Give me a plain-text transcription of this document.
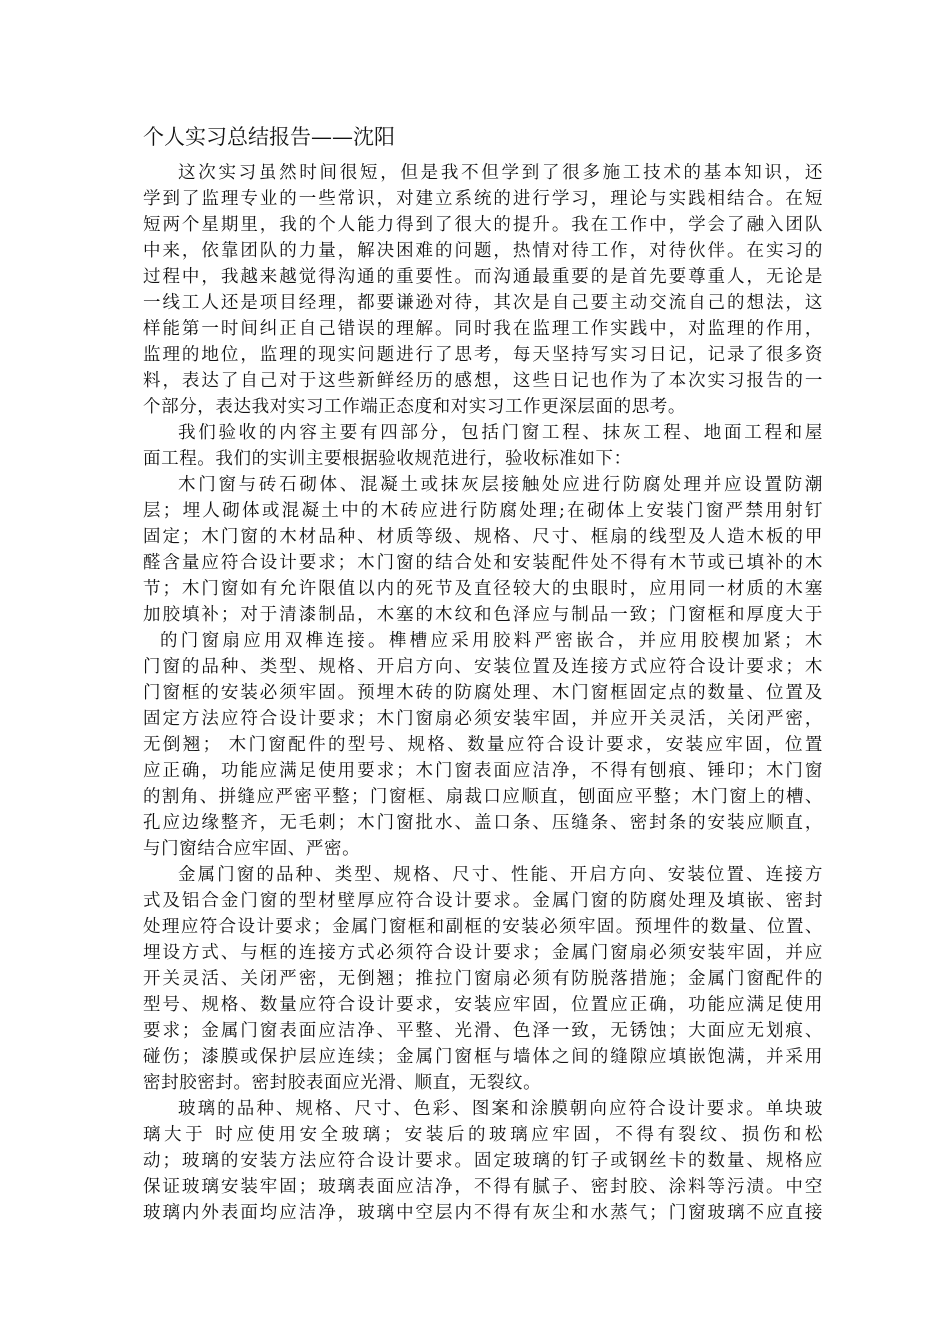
个人实习总结报告——沈阳
这次实习虽然时间很短，但是我不但学到了很多施工技术的基本知识，还
学到了监理专业的一些常识，对建立系统的进行学习，理论与实践相结合。在短
短两个星期里，我的个人能力得到了很大的提升。我在工作中，学会了融入团队
中来，依靠团队的力量，解决困难的问题，热情对待工作，对待伙伴。在实习的
过程中，我越来越觉得沟通的重要性。而沟通最重要的是首先要尊重人，无论是
一线工人还是项目经理，都要谦逊对待，其次是自己要主动交流自己的想法，这
样能第一时间纠正自己错误的理解。同时我在监理工作实践中，对监理的作用，
监理的地位，监理的现实问题进行了思考，每天坚持写实习日记，记录了很多资
料，表达了自己对于这些新鲜经历的感想，这些日记也作为了本次实习报告的一
个部分，表达我对实习工作端正态度和对实习工作更深层面的思考。
我们验收的内容主要有四部分，包括门窗工程、抹灰工程、地面工程和屋
面工程。我们的实训主要根据验收规范进行，验收标准如下：
木门窗与砖石砌体、混凝土或抹灰层接触处应进行防腐处理并应设置防潮
层；埋人砌体或混凝土中的木砖应进行防腐处理;在砌体上安装门窗严禁用射钉
固定；木门窗的木材品种、材质等级、规格、尺寸、框扇的线型及人造木板的甲
醛含量应符合设计要求；木门窗的结合处和安装配件处不得有木节或已填补的木
节；木门窗如有允许限值以内的死节及直径较大的虫眼时，应用同一材质的木塞
加胶填补；对于清漆制品，木塞的木纹和色泽应与制品一致；门窗框和厚度大于
的门窗扇应用双榫连接。榫槽应采用胶料严密嵌合，并应用胶楔加紧；木
门窗的品种、类型、规格、开启方向、安装位置及连接方式应符合设计要求；木
门窗框的安装必须牢固。预埋木砖的防腐处理、木门窗框固定点的数量、位置及
固定方法应符合设计要求；木门窗扇必须安装牢固，并应开关灵活，关闭严密，
无倒翘； 木门窗配件的型号、规格、数量应符合设计要求，安装应牢固，位置
应正确，功能应满足使用要求；木门窗表面应洁净，不得有刨痕、锤印；木门窗
的割角、拼缝应严密平整；门窗框、扇裁口应顺直，刨面应平整；木门窗上的槽、
孔应边缘整齐，无毛刺；木门窗批水、盖口条、压缝条、密封条的安装应顺直，
与门窗结合应牢固、严密。
金属门窗的品种、类型、规格、尺寸、性能、开启方向、安装位置、连接方
式及铝合金门窗的型材壁厚应符合设计要求。金属门窗的防腐处理及填嵌、密封
处理应符合设计要求；金属门窗框和副框的安装必须牢固。预埋件的数量、位置、
埋设方式、与框的连接方式必须符合设计要求；金属门窗扇必须安装牢固，并应
开关灵活、关闭严密，无倒翘；推拉门窗扇必须有防脱落措施；金属门窗配件的
型号、规格、数量应符合设计要求，安装应牢固，位置应正确，功能应满足使用
要求；金属门窗表面应洁净、平整、光滑、色泽一致，无锈蚀；大面应无划痕、
碰伤；漆膜或保护层应连续；金属门窗框与墙体之间的缝隙应填嵌饱满，并采用
密封胶密封。密封胶表面应光滑、顺直，无裂纹。
玻璃的品种、规格、尺寸、色彩、图案和涂膜朝向应符合设计要求。单块玻
璃大于 时应使用安全玻璃；安装后的玻璃应牢固，不得有裂纹、损伤和松
动；玻璃的安装方法应符合设计要求。固定玻璃的钉子或钢丝卡的数量、规格应
保证玻璃安装牢固；玻璃表面应洁净，不得有腻子、密封胶、涂料等污渍。中空
玻璃内外表面均应洁净，玻璃中空层内不得有灰尘和水蒸气；门窗玻璃不应直接
